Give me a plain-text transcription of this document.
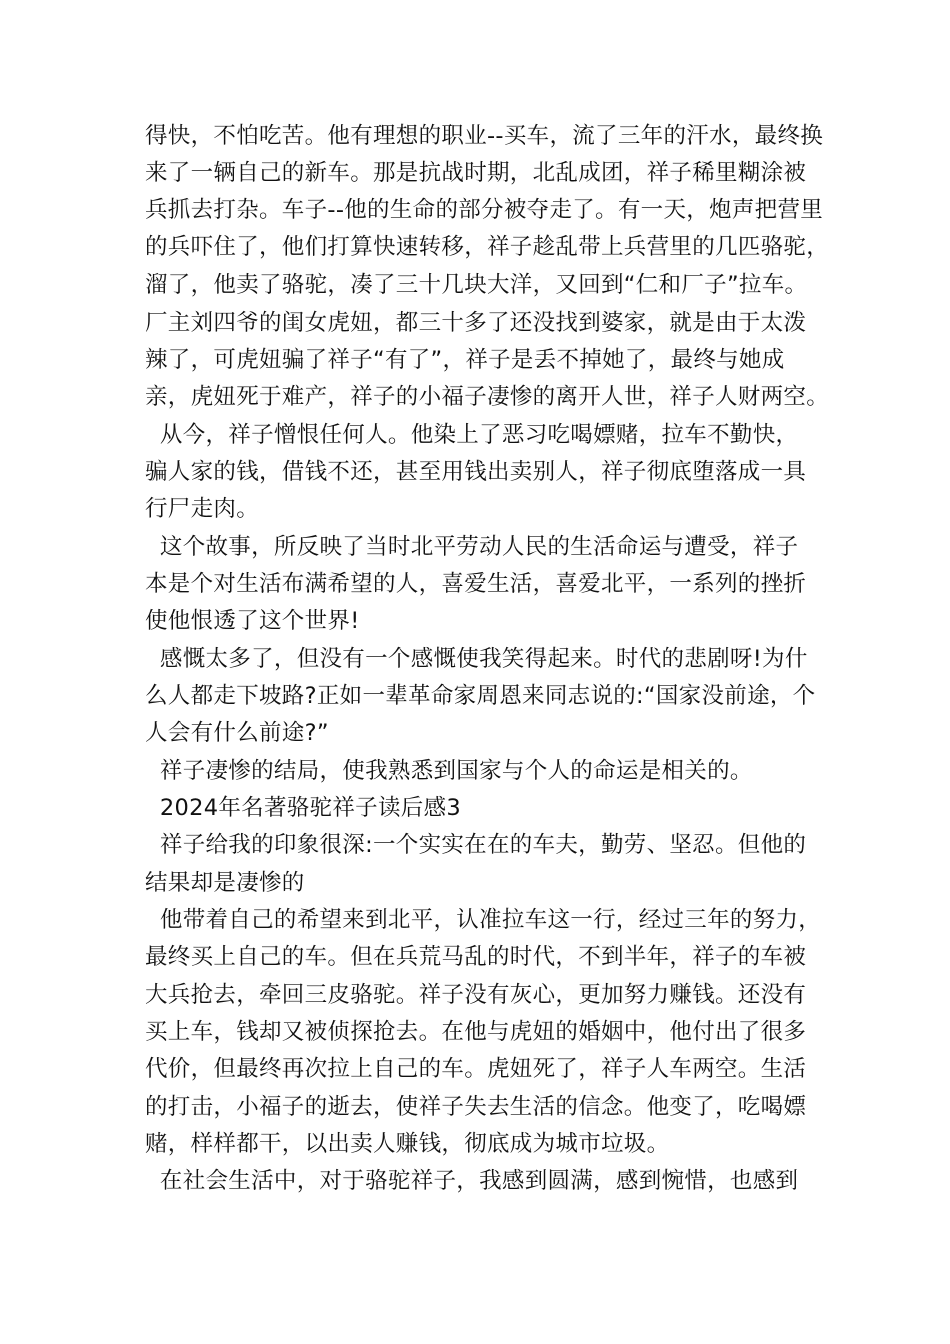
得快，不怕吃苦。他有理想的职业--买车，流了三年的汗水，最终换
来了一辆自己的新车。那是抗战时期，北乱成团，祥子稀里糊涂被
兵抓去打杂。车子--他的生命的部分被夺走了。有一天，炮声把营里
的兵吓住了，他们打算快速转移，祥子趁乱带上兵营里的几匹骆驼，
溜了，他卖了骆驼，凑了三十几块大洋，又回到“仁和厂子”拉车。
厂主刘四爷的闺女虎妞，都三十多了还没找到婆家，就是由于太泼
辣了，可虎妞骗了祥子“有了”，祥子是丢不掉她了，最终与她成
亲，虎妞死于难产，祥子的小福子凄惨的离开人世，祥子人财两空。
从今，祥子憎恨任何人。他染上了恶习吃喝嫖赌，拉车不勤快，
骗人家的钱，借钱不还，甚至用钱出卖别人，祥子彻底堕落成一具
行尸走肉。
这个故事，所反映了当时北平劳动人民的生活命运与遭受，祥子
本是个对生活布满希望的人，喜爱生活，喜爱北平，一系列的挫折
使他恨透了这个世界!
感慨太多了，但没有一个感慨使我笑得起来。时代的悲剧呀!为什
么人都走下坡路?正如一辈革命家周恩来同志说的:“国家没前途，个
人会有什么前途?”
祥子凄惨的结局，使我熟悉到国家与个人的命运是相关的。
2024年名著骆驼祥子读后感3
祥子给我的印象很深:一个实实在在的车夫，勤劳、坚忍。但他的
结果却是凄惨的
他带着自己的希望来到北平，认准拉车这一行，经过三年的努力，
最终买上自己的车。但在兵荒马乱的时代，不到半年，祥子的车被
大兵抢去，牵回三皮骆驼。祥子没有灰心，更加努力赚钱。还没有
买上车，钱却又被侦探抢去。在他与虎妞的婚姻中，他付出了很多
代价，但最终再次拉上自己的车。虎妞死了，祥子人车两空。生活
的打击，小福子的逝去，使祥子失去生活的信念。他变了，吃喝嫖
赌，样样都干，以出卖人赚钱，彻底成为城市垃圾。
在社会生活中，对于骆驼祥子，我感到圆满，感到惋惜，也感到
